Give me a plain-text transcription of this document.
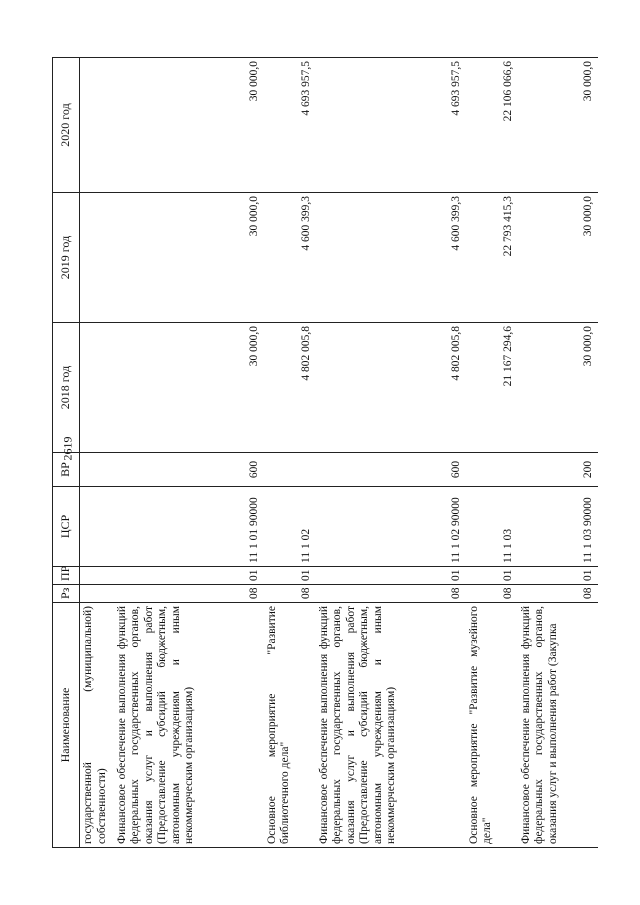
2619
Наименование	Рз	ПР	ЦСР	ВР	2018 год	2019 год	2020 год
государственной (муниципальной) собственности)							
Финансовое обеспечение выполнения функций федеральных государственных органов, оказания услуг и выполнения работ (Предоставление субсидий бюджетным, автономным учреждениям и иным некоммерческим организациям)	08	01	11 1 01 90000	600	30 000,0	30 000,0	30 000,0
Основное мероприятие "Развитие библиотечного дела"	08	01	11 1 02		4 802 005,8	4 600 399,3	4 693 957,5
Финансовое обеспечение выполнения функций федеральных государственных органов, оказания услуг и выполнения работ (Предоставление субсидий бюджетным, автономным учреждениям и иным некоммерческим организациям)	08	01	11 1 02 90000	600	4 802 005,8	4 600 399,3	4 693 957,5
Основное мероприятие "Развитие музейного дела"	08	01	11 1 03		21 167 294,6	22 793 415,3	22 106 066,6
Финансовое обеспечение выполнения функций федеральных государственных органов, оказания услуг и выполнения работ (Закупка	08	01	11 1 03 90000	200	30 000,0	30 000,0	30 000,0
